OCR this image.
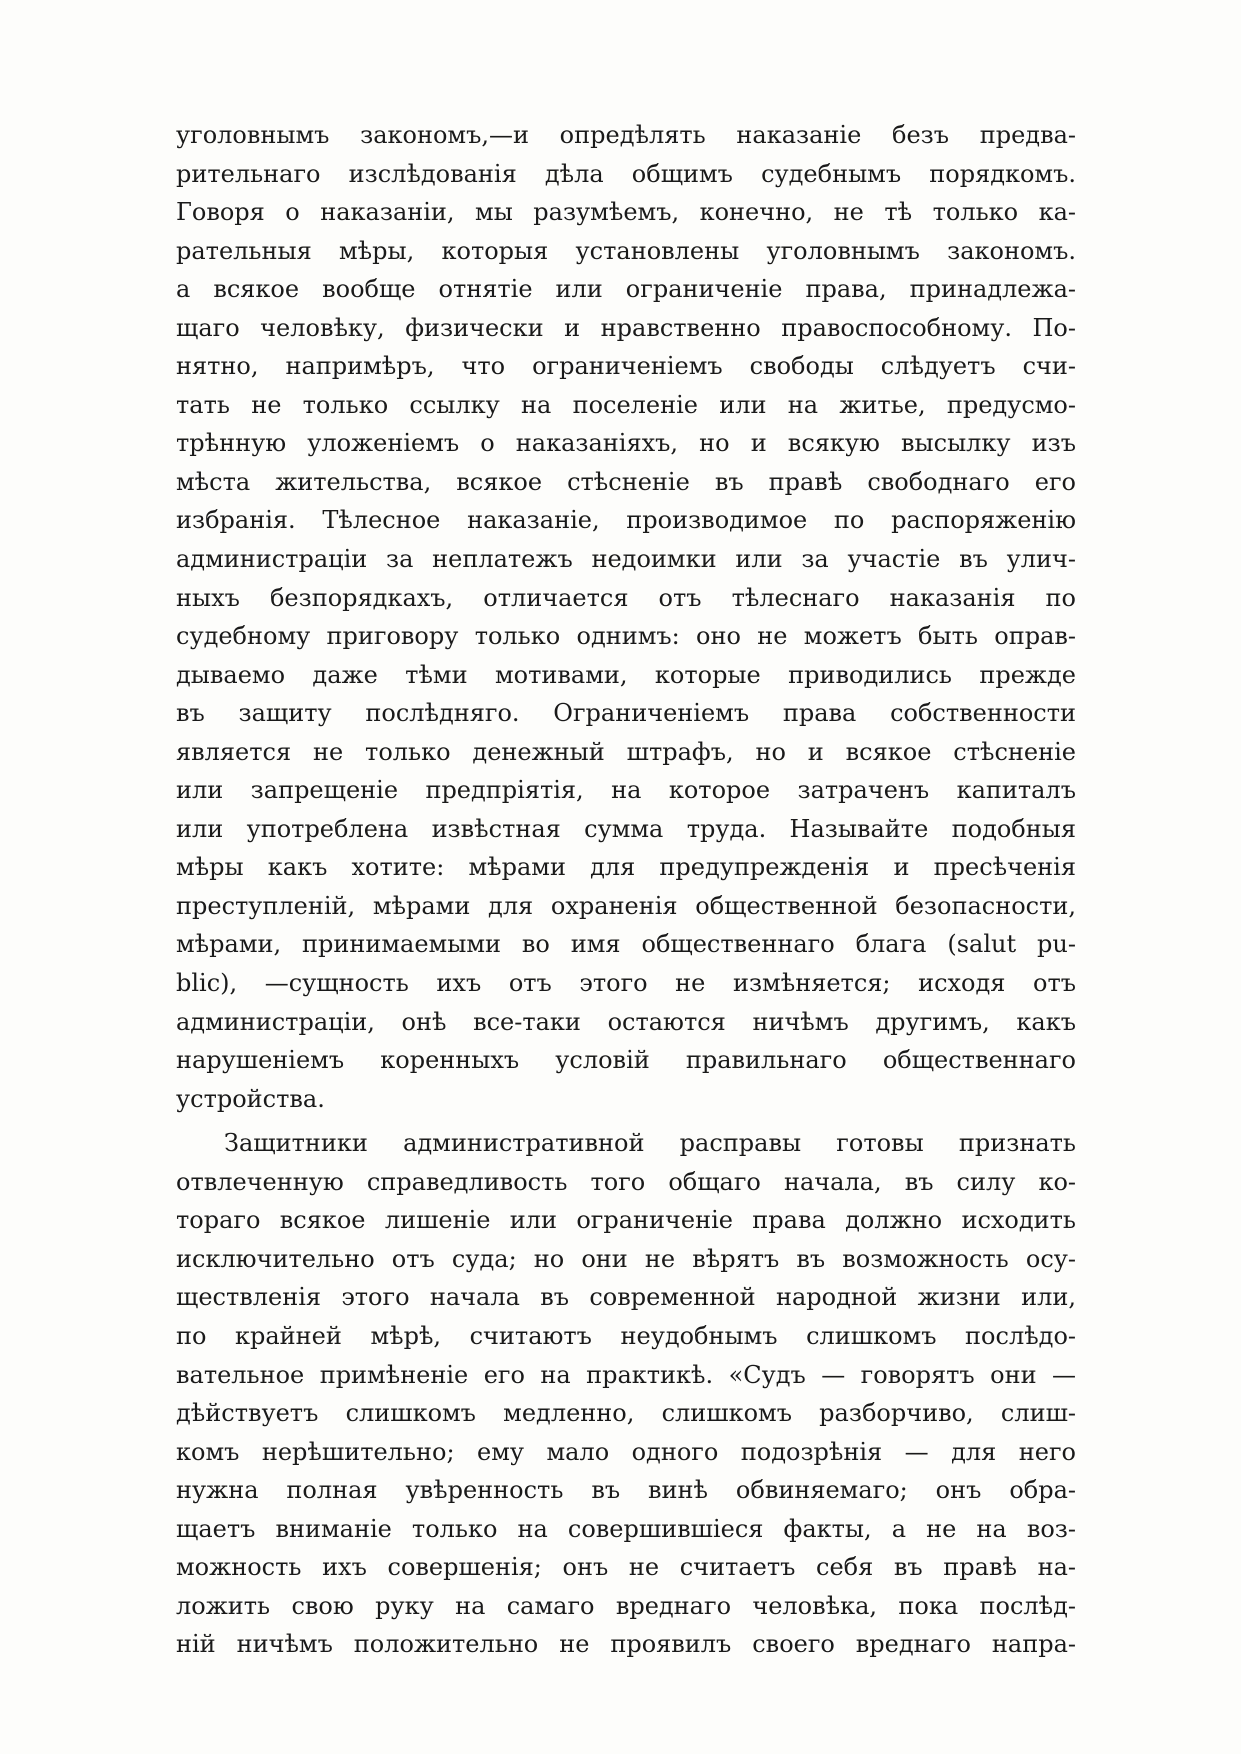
уголовнымъ закономъ,—и опредѣлять наказаніе безъ предва-
рительнаго изслѣдованія дѣла общимъ судебнымъ порядкомъ.
Говоря о наказаніи, мы разумѣемъ, конечно, не тѣ только ка-
рательныя мѣры, которыя установлены уголовнымъ закономъ.
а всякое вообще отнятіе или ограниченіе права, принадлежа-
щаго человѣку, физически и нравственно правоспособному. По-
нятно, напримѣръ, что ограниченіемъ свободы слѣдуетъ счи-
тать не только ссылку на поселеніе или на житье, предусмо-
трѣнную уложеніемъ о наказаніяхъ, но и всякую высылку изъ
мѣста жительства, всякое стѣсненіе въ правѣ свободнаго его
избранія. Тѣлесное наказаніе, производимое по распоряженію
администраціи за неплатежъ недоимки или за участіе въ улич-
ныхъ безпорядкахъ, отличается отъ тѣлеснаго наказанія по
судебному приговору только однимъ: оно не можетъ быть оправ-
дываемо даже тѣми мотивами, которые приводились прежде
въ защиту послѣдняго. Ограниченіемъ права собственности
является не только денежный штрафъ, но и всякое стѣсненіе
или запрещеніе предпріятія, на которое затраченъ капиталъ
или употреблена извѣстная сумма труда. Называйте подобныя
мѣры какъ хотите: мѣрами для предупрежденія и пресѣченія
преступленій, мѣрами для охраненія общественной безопасности,
мѣрами, принимаемыми во имя общественнаго блага (salut pu-
blic), —сущность ихъ отъ этого не измѣняется; исходя отъ
администраціи, онѣ все-таки остаются ничѣмъ другимъ, какъ
нарушеніемъ коренныхъ условій правильнаго общественнаго
устройства.
Защитники административной расправы готовы признать
отвлеченную справедливость того общаго начала, въ силу ко-
тораго всякое лишеніе или ограниченіе права должно исходить
исключительно отъ суда; но они не вѣрятъ въ возможность осу-
ществленія этого начала въ современной народной жизни или,
по крайней мѣрѣ, считаютъ неудобнымъ слишкомъ послѣдо-
вательное примѣненіе его на практикѣ. «Судъ — говорятъ они —
дѣйствуетъ слишкомъ медленно, слишкомъ разборчиво, слиш-
комъ нерѣшительно; ему мало одного подозрѣнія — для него
нужна полная увѣренность въ винѣ обвиняемаго; онъ обра-
щаетъ вниманіе только на совершившіеся факты, а не на воз-
можность ихъ совершенія; онъ не считаетъ себя въ правѣ на-
ложить свою руку на самаго вреднаго человѣка, пока послѣд-
ній ничѣмъ положительно не проявилъ своего вреднаго напра-
